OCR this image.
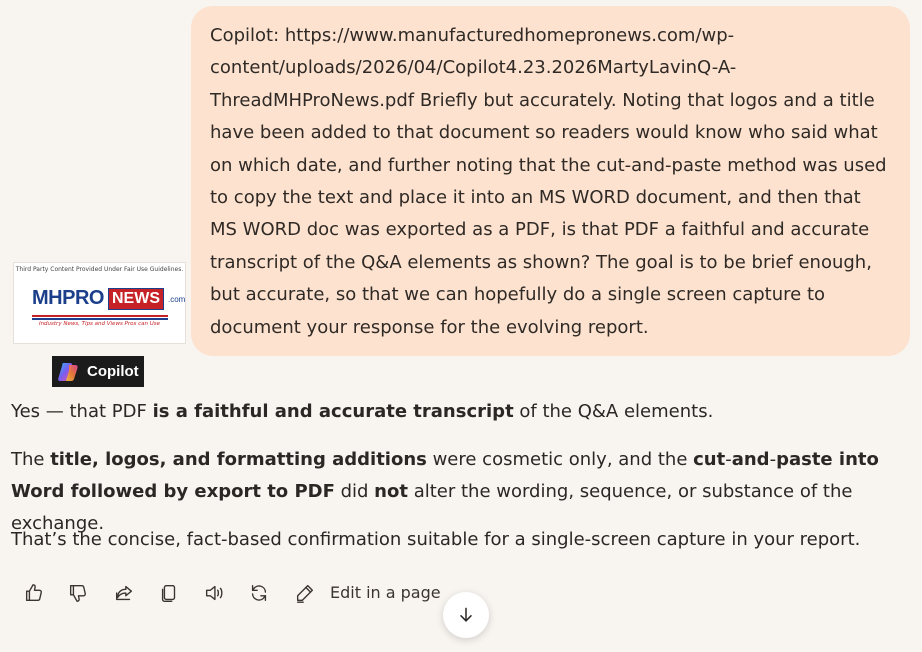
Copilot: https://www.manufacturedhomepronews.com/wp-content/uploads/2026/04/Copilot4.23.2026MartyLavinQ-A-ThreadMHProNews.pdf Briefly but accurately. Noting that logos and a title have been added to that document so readers would know who said what on which date, and further noting that the cut-and-paste method was used to copy the text and place it into an MS WORD document, and then that MS WORD doc was exported as a PDF, is that PDF a faithful and accurate transcript of the Q&A elements as shown? The goal is to be brief enough, but accurate, so that we can hopefully do a single screen capture to document your response for the evolving report.
Third Party Content Provided Under Fair Use Guidelines.
MHPRO NEWS	.com
Industry News, Tips and Views Pros can Use
Copilot
Yes — that PDF is a faithful and accurate transcript of the Q&A elements.
The title, logos, and formatting additions were cosmetic only, and the cut-and-paste into Word followed by export to PDF did not alter the wording, sequence, or substance of the exchange.
That’s the concise, fact-based confirmation suitable for a single-screen capture in your report.
Edit in a page
